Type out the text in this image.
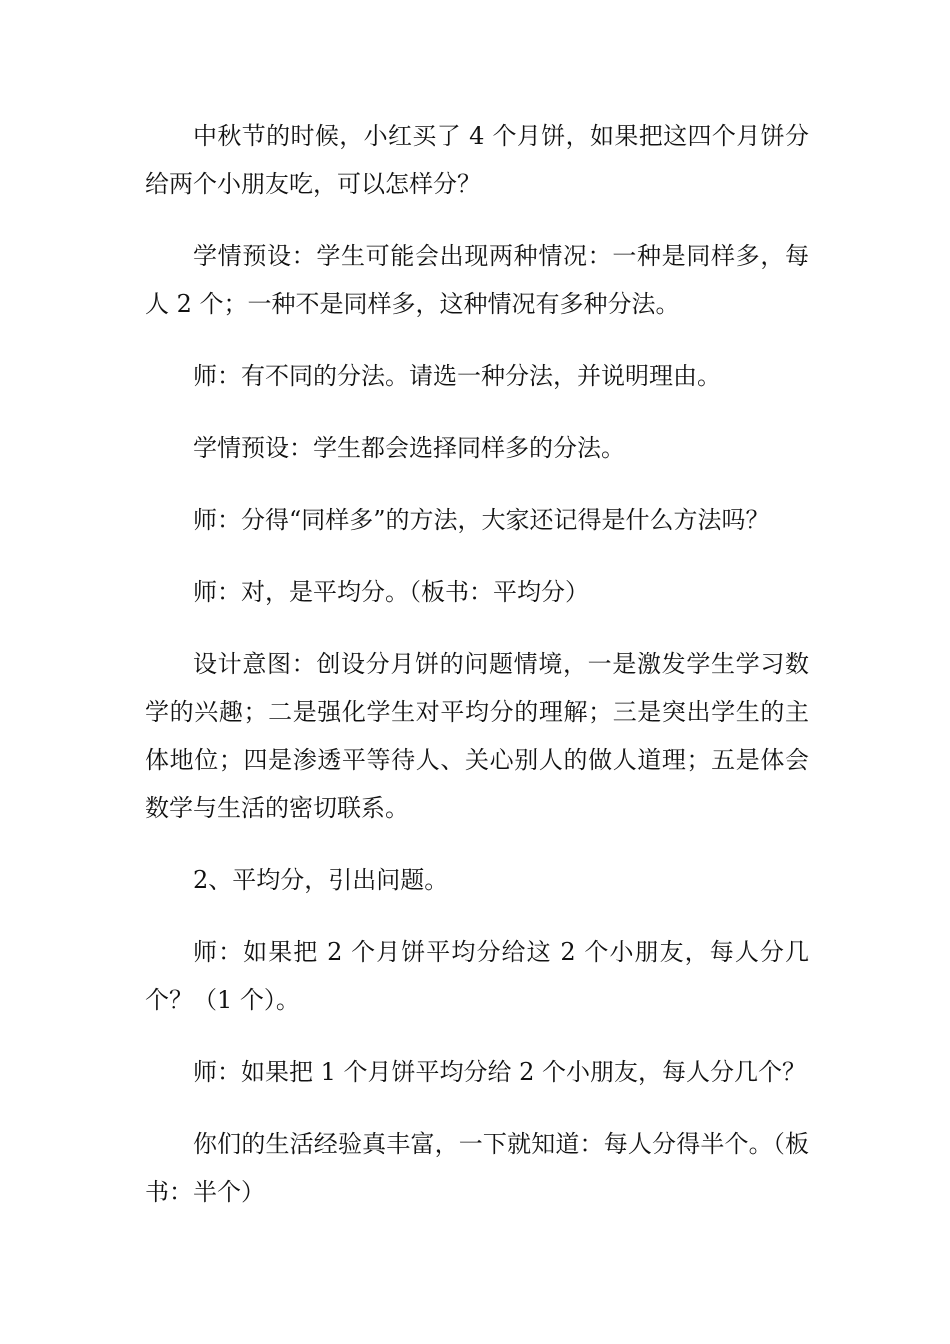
中秋节的时候，小红买了 4 个月饼，如果把这四个月饼分给两个小朋友吃，可以怎样分？

学情预设：学生可能会出现两种情况：一种是同样多，每人 2 个；一种不是同样多，这种情况有多种分法。

师：有不同的分法。请选一种分法，并说明理由。

学情预设：学生都会选择同样多的分法。

师：分得“同样多”的方法，大家还记得是什么方法吗？

师：对，是平均分。（板书：平均分）

设计意图：创设分月饼的问题情境，一是激发学生学习数学的兴趣；二是强化学生对平均分的理解；三是突出学生的主体地位；四是渗透平等待人、关心别人的做人道理；五是体会数学与生活的密切联系。

2、平均分，引出问题。

师：如果把 2 个月饼平均分给这 2 个小朋友，每人分几个？（1 个）。

师：如果把 1 个月饼平均分给 2 个小朋友，每人分几个？

你们的生活经验真丰富，一下就知道：每人分得半个。（板书：半个）
